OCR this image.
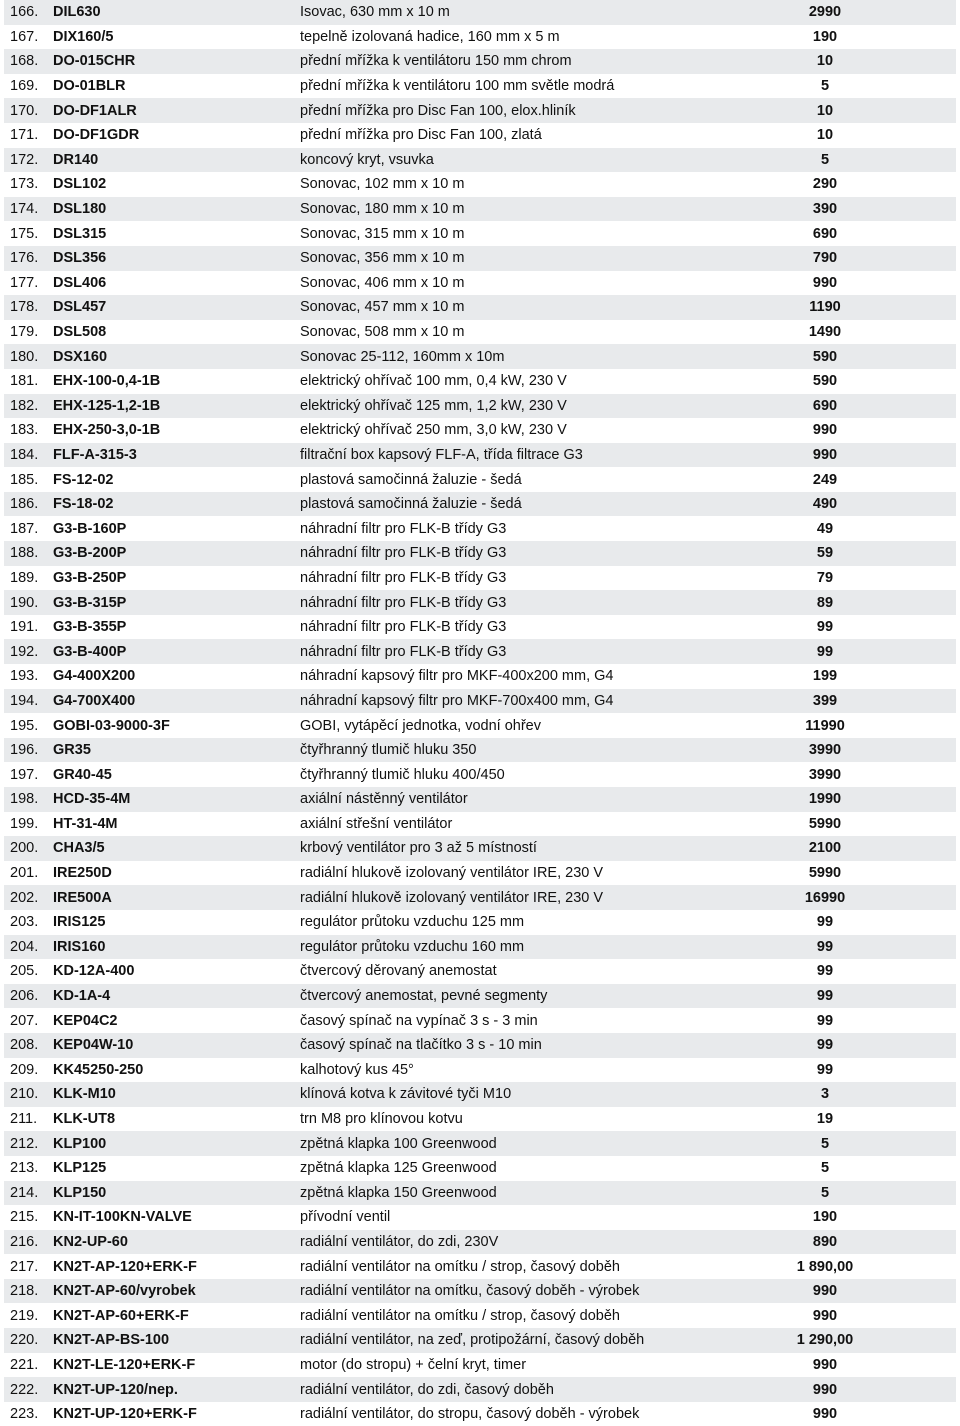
166.	DIL630	Isovac, 630 mm x 10 m	2990
167.	DIX160/5	tepelně izolovaná hadice, 160 mm x 5 m	190
168.	DO-015CHR	přední mřížka k ventilátoru 150 mm chrom	10
169.	DO-01BLR	přední mřížka k ventilátoru 100 mm světle modrá	5
170.	DO-DF1ALR	přední mřížka pro Disc Fan 100, elox.hliník	10
171.	DO-DF1GDR	přední mřížka pro Disc Fan 100, zlatá	10
172.	DR140	koncový kryt, vsuvka	5
173.	DSL102	Sonovac, 102 mm x 10 m	290
174.	DSL180	Sonovac, 180 mm x 10 m	390
175.	DSL315	Sonovac, 315 mm x 10 m	690
176.	DSL356	Sonovac, 356 mm x 10 m	790
177.	DSL406	Sonovac, 406 mm x 10 m	990
178.	DSL457	Sonovac, 457 mm x 10 m	1190
179.	DSL508	Sonovac, 508 mm x 10 m	1490
180.	DSX160	Sonovac 25-112, 160mm x 10m	590
181.	EHX-100-0,4-1B	elektrický ohřívač 100 mm, 0,4 kW, 230 V	590
182.	EHX-125-1,2-1B	elektrický ohřívač 125 mm, 1,2 kW, 230 V	690
183.	EHX-250-3,0-1B	elektrický ohřívač 250 mm, 3,0 kW, 230 V	990
184.	FLF-A-315-3	filtrační box kapsový FLF-A, třída filtrace G3	990
185.	FS-12-02	plastová samočinná žaluzie - šedá	249
186.	FS-18-02	plastová samočinná žaluzie - šedá	490
187.	G3-B-160P	náhradní filtr pro FLK-B třídy G3	49
188.	G3-B-200P	náhradní filtr pro FLK-B třídy G3	59
189.	G3-B-250P	náhradní filtr pro FLK-B třídy G3	79
190.	G3-B-315P	náhradní filtr pro FLK-B třídy G3	89
191.	G3-B-355P	náhradní filtr pro FLK-B třídy G3	99
192.	G3-B-400P	náhradní filtr pro FLK-B třídy G3	99
193.	G4-400X200	náhradní kapsový filtr pro MKF-400x200 mm, G4	199
194.	G4-700X400	náhradní kapsový filtr pro MKF-700x400 mm, G4	399
195.	GOBI-03-9000-3F	GOBI, vytápěcí jednotka, vodní ohřev	11990
196.	GR35	čtyřhranný tlumič hluku 350	3990
197.	GR40-45	čtyřhranný tlumič hluku 400/450	3990
198.	HCD-35-4M	axiální nástěnný ventilátor	1990
199.	HT-31-4M	axiální střešní ventilátor	5990
200.	CHA3/5	krbový ventilátor pro 3 až 5 místností	2100
201.	IRE250D	radiální hlukově izolovaný ventilátor IRE, 230 V	5990
202.	IRE500A	radiální hlukově izolovaný ventilátor IRE, 230 V	16990
203.	IRIS125	regulátor průtoku vzduchu 125 mm	99
204.	IRIS160	regulátor průtoku vzduchu 160 mm	99
205.	KD-12A-400	čtvercový děrovaný anemostat	99
206.	KD-1A-4	čtvercový anemostat, pevné segmenty	99
207.	KEP04C2	časový spínač na vypínač 3 s - 3 min	99
208.	KEP04W-10	časový spínač na tlačítko 3 s - 10 min	99
209.	KK45250-250	kalhotový kus 45°	99
210.	KLK-M10	klínová kotva k závitové tyči M10	3
211.	KLK-UT8	trn M8 pro klínovou kotvu	19
212.	KLP100	zpětná klapka 100 Greenwood	5
213.	KLP125	zpětná klapka 125 Greenwood	5
214.	KLP150	zpětná klapka 150 Greenwood	5
215.	KN-IT-100KN-VALVE	přívodní ventil	190
216.	KN2-UP-60	radiální ventilátor, do zdi, 230V	890
217.	KN2T-AP-120+ERK-F	radiální ventilátor na omítku / strop, časový doběh	1 890,00
218.	KN2T-AP-60/vyrobek	radiální ventilátor na omítku, časový doběh - výrobek	990
219.	KN2T-AP-60+ERK-F	radiální ventilátor na omítku / strop, časový doběh	990
220.	KN2T-AP-BS-100	radiální ventilátor, na zeď, protipožární, časový doběh	1 290,00
221.	KN2T-LE-120+ERK-F	motor (do stropu) + čelní kryt, timer	990
222.	KN2T-UP-120/nep.	radiální ventilátor, do zdi, časový doběh	990
223.	KN2T-UP-120+ERK-F	radiální ventilátor, do stropu, časový doběh - výrobek	990
